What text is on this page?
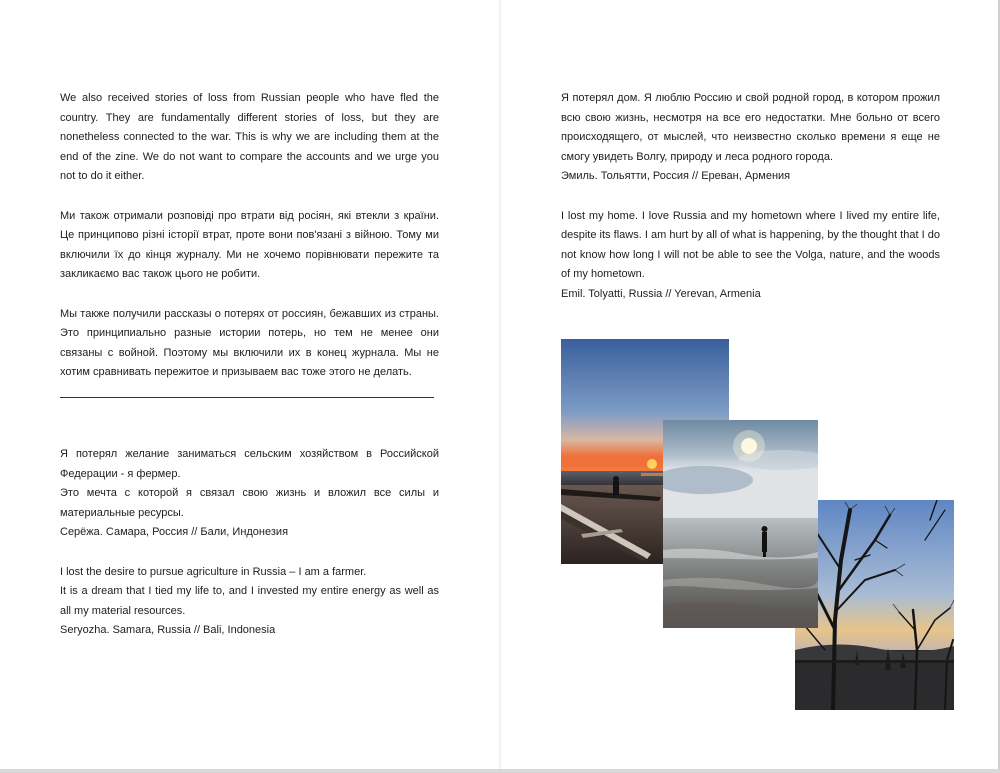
We also received stories of loss from Russian people who have fled the country. They are fundamentally different stories of loss, but they are nonetheless connected to the war. This is why we are including them at the end of the zine. We do not want to compare the accounts and we urge you not to do it either.

Ми також отримали розповіді про втрати від росіян, які втекли з країни. Це принципово різні історії втрат, проте вони пов'язані з війною. Тому ми включили їх до кінця журналу. Ми не хочемо порівнювати пережите та закликаємо вас також цього не робити.

Мы также получили рассказы о потерях от россиян, бежавших из страны. Это принципиально разные истории потерь, но тем не менее они связаны с войной. Поэтому мы включили их в конец журнала. Мы не хотим сравнивать пережитое и призываем вас тоже этого не делать.

Я потерял желание заниматься сельским хозяйством в Российской Федерации - я фермер.

Это мечта с которой я связал свою жизнь и вложил все силы и материальные ресурсы.

Серёжа. Самара, Россия // Бали, Индонезия

I lost the desire to pursue agriculture in Russia – I am a farmer.

It is a dream that I tied my life to, and I invested my entire energy as well as all my material resources.

Seryozha. Samara, Russia // Bali, Indonesia

Я потерял дом. Я люблю Россию и свой родной город, в котором прожил всю свою жизнь, несмотря на все его недостатки. Мне больно от всего происходящего, от мыслей, что неизвестно сколько времени я еще не смогу увидеть Волгу, природу и леса родного города.

Эмиль. Тольятти, Россия // Ереван, Армения

I lost my home. I love Russia and my hometown where I lived my entire life, despite its flaws. I am hurt by all of what is happening, by the thought that I do not know how long I will not be able to see the Volga, nature, and the woods of my hometown.

Emil. Tolyatti, Russia // Yerevan, Armenia
